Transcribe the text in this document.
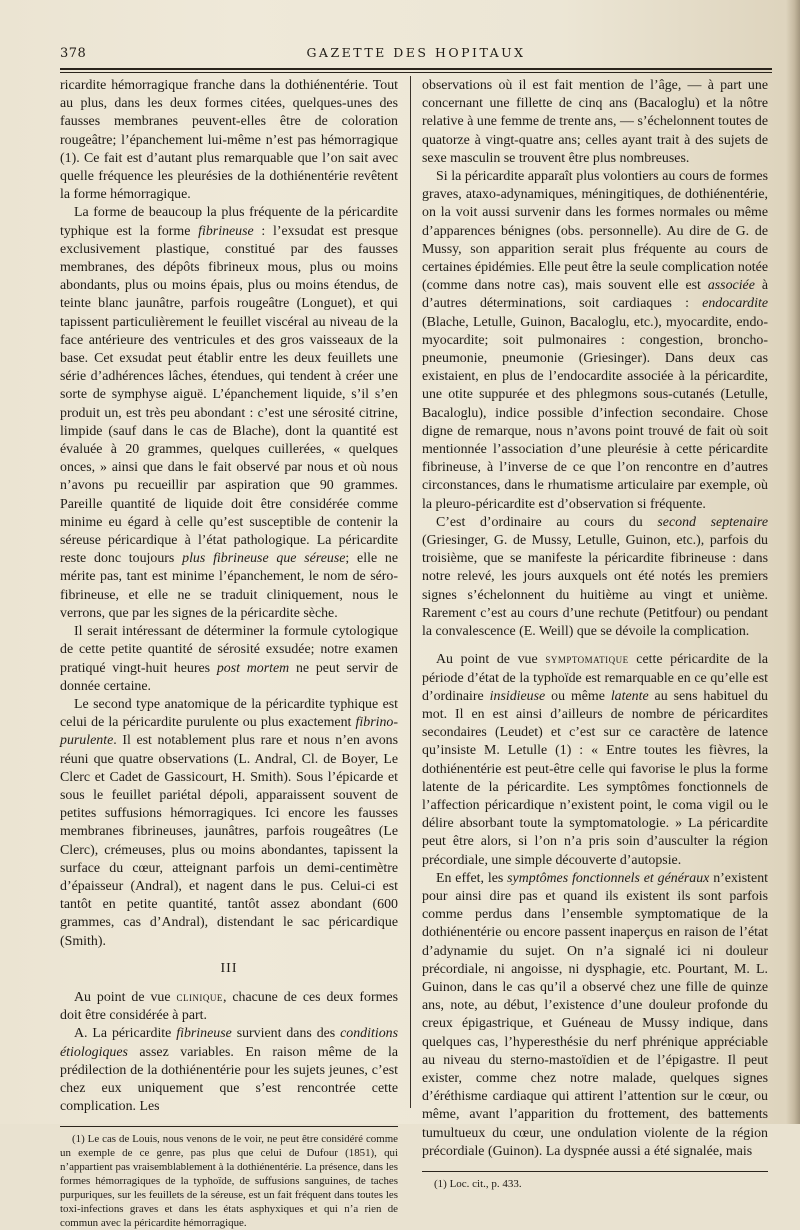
378	GAZETTE DES HOPITAUX

ricardite hémorragique franche dans la dothiénentérie. Tout au plus, dans les deux formes citées, quelques-unes des fausses membranes peuvent-elles être de coloration rougeâtre; l’épanchement lui-même n’est pas hémorragique (1). Ce fait est d’autant plus remarquable que l’on sait avec quelle fréquence les pleurésies de la dothiénentérie revêtent la forme hémorragique.

La forme de beaucoup la plus fréquente de la péricardite typhique est la forme fibrineuse : l’exsudat est presque exclusivement plastique, constitué par des fausses membranes, des dépôts fibrineux mous, plus ou moins abondants, plus ou moins épais, plus ou moins étendus, de teinte blanc jaunâtre, parfois rougeâtre (Longuet), et qui tapissent particulièrement le feuillet viscéral au niveau de la face antérieure des ventricules et des gros vaisseaux de la base. Cet exsudat peut établir entre les deux feuillets une série d’adhérences lâches, étendues, qui tendent à créer une sorte de symphyse aiguë. L’épanchement liquide, s’il s’en produit un, est très peu abondant : c’est une sérosité citrine, limpide (sauf dans le cas de Blache), dont la quantité est évaluée à 20 grammes, quelques cuillerées, « quelques onces, » ainsi que dans le fait observé par nous et où nous n’avons pu recueillir par aspiration que 90 grammes. Pareille quantité de liquide doit être considérée comme minime eu égard à celle qu’est susceptible de contenir la séreuse péricardique à l’état pathologique. La péricardite reste donc toujours plus fibrineuse que séreuse; elle ne mérite pas, tant est minime l’épanchement, le nom de séro-fibrineuse, et elle ne se traduit cliniquement, nous le verrons, que par les signes de la péricardite sèche.

Il serait intéressant de déterminer la formule cytologique de cette petite quantité de sérosité exsudée; notre examen pratiqué vingt-huit heures post mortem ne peut servir de donnée certaine.

Le second type anatomique de la péricardite typhique est celui de la péricardite purulente ou plus exactement fibrino-purulente. Il est notablement plus rare et nous n’en avons réuni que quatre observations (L. Andral, Cl. de Boyer, Le Clerc et Cadet de Gassicourt, H. Smith). Sous l’épicarde et sous le feuillet pariétal dépoli, apparaissent souvent de petites suffusions hémorragiques. Ici encore les fausses membranes fibrineuses, jaunâtres, parfois rougeâtres (Le Clerc), crémeuses, plus ou moins abondantes, tapissent la surface du cœur, atteignant parfois un demi-centimètre d’épaisseur (Andral), et nagent dans le pus. Celui-ci est tantôt en petite quantité, tantôt assez abondant (600 grammes, cas d’Andral), distendant le sac péricardique (Smith).

III

Au point de vue clinique, chacune de ces deux formes doit être considérée à part.

A. La péricardite fibrineuse survient dans des conditions étiologiques assez variables. En raison même de la prédilection de la dothiénentérie pour les sujets jeunes, c’est chez eux uniquement que s’est rencontrée cette complication. Les

(1) Le cas de Louis, nous venons de le voir, ne peut être considéré comme un exemple de ce genre, pas plus que celui de Dufour (1851), qui n’appartient pas vraisemblablement à la dothiénentérie. La présence, dans les formes hémorragiques de la typhoïde, de suffusions sanguines, de taches purpuriques, sur les feuillets de la séreuse, est un fait fréquent dans toutes les toxi-infections graves et dans les états asphyxiques et qui n’a rien de commun avec la péricardite hémorragique.

observations où il est fait mention de l’âge, — à part une concernant une fillette de cinq ans (Bacaloglu) et la nôtre relative à une femme de trente ans, — s’échelonnent toutes de quatorze à vingt-quatre ans; celles ayant trait à des sujets de sexe masculin se trouvent être plus nombreuses.

Si la péricardite apparaît plus volontiers au cours de formes graves, ataxo-adynamiques, méningitiques, de dothiénentérie, on la voit aussi survenir dans les formes normales ou même d’apparences bénignes (obs. personnelle). Au dire de G. de Mussy, son apparition serait plus fréquente au cours de certaines épidémies. Elle peut être la seule complication notée (comme dans notre cas), mais souvent elle est associée à d’autres déterminations, soit cardiaques : endocardite (Blache, Letulle, Guinon, Bacaloglu, etc.), myocardite, endo-myocardite; soit pulmonaires : congestion, broncho-pneumonie, pneumonie (Griesinger). Dans deux cas existaient, en plus de l’endocardite associée à la péricardite, une otite suppurée et des phlegmons sous-cutanés (Letulle, Bacaloglu), indice possible d’infection secondaire. Chose digne de remarque, nous n’avons point trouvé de fait où soit mentionnée l’association d’une pleurésie à cette péricardite fibrineuse, à l’inverse de ce que l’on rencontre en d’autres circonstances, dans le rhumatisme articulaire par exemple, où la pleuro-péricardite est d’observation si fréquente.

C’est d’ordinaire au cours du second septenaire (Griesinger, G. de Mussy, Letulle, Guinon, etc.), parfois du troisième, que se manifeste la péricardite fibrineuse : dans notre relevé, les jours auxquels ont été notés les premiers signes s’échelonnent du huitième au vingt et unième. Rarement c’est au cours d’une rechute (Petitfour) ou pendant la convalescence (E. Weill) que se dévoile la complication.

Au point de vue symptomatique cette péricardite de la période d’état de la typhoïde est remarquable en ce qu’elle est d’ordinaire insidieuse ou même latente au sens habituel du mot. Il en est ainsi d’ailleurs de nombre de péricardites secondaires (Leudet) et c’est sur ce caractère de latence qu’insiste M. Letulle (1) : « Entre toutes les fièvres, la dothiénentérie est peut-être celle qui favorise le plus la forme latente de la péricardite. Les symptômes fonctionnels de l’affection péricardique n’existent point, le coma vigil ou le délire absorbant toute la symptomatologie. » La péricardite peut être alors, si l’on n’a pris soin d’ausculter la région précordiale, une simple découverte d’autopsie.

En effet, les symptômes fonctionnels et généraux n’existent pour ainsi dire pas et quand ils existent ils sont parfois comme perdus dans l’ensemble symptomatique de la dothiénentérie ou encore passent inaperçus en raison de l’état d’adynamie du sujet. On n’a signalé ici ni douleur précordiale, ni angoisse, ni dysphagie, etc. Pourtant, M. L. Guinon, dans le cas qu’il a observé chez une fille de quinze ans, note, au début, l’existence d’une douleur profonde du creux épigastrique, et Guéneau de Mussy indique, dans quelques cas, l’hyperesthésie du nerf phrénique appréciable au niveau du sterno-mastoïdien et de l’épigastre. Il peut exister, comme chez notre malade, quelques signes d’éréthisme cardiaque qui attirent l’attention sur le cœur, ou même, avant l’apparition du frottement, des battements tumultueux du cœur, une ondulation violente de la région précordiale (Guinon). La dyspnée aussi a été signalée, mais

(1) Loc. cit., p. 433.
